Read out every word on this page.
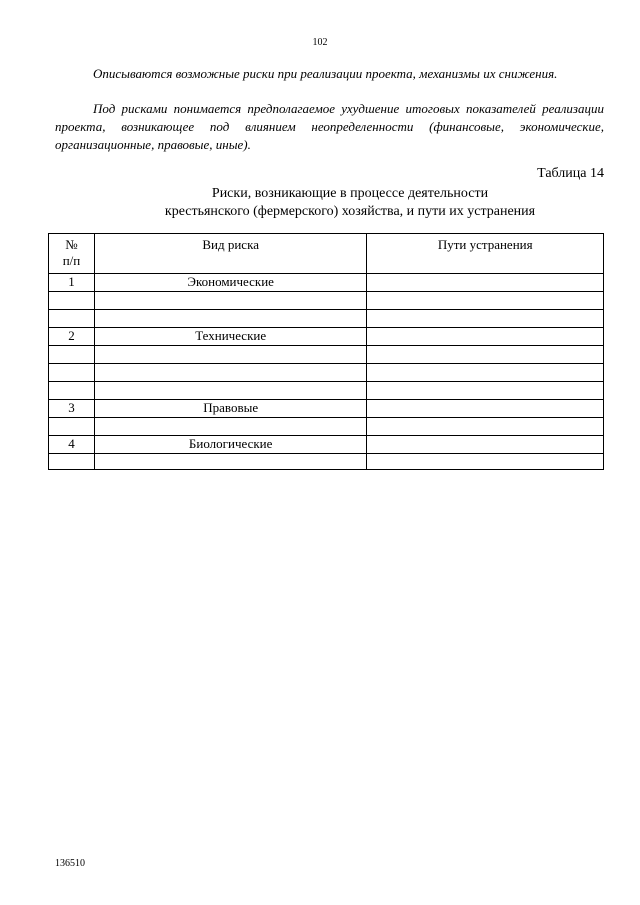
102

Описываются возможные риски при реализации проекта, механизмы их снижения.

Под рисками понимается предполагаемое ухудшение итоговых показателей реализации проекта, возникающее под влиянием неопределенности (финансовые, экономические, организационные, правовые, иные).

Таблица 14
Риски, возникающие в процессе деятельности
крестьянского (фермерского) хозяйства, и пути их устранения
№
п/п	Вид риска	Пути устранения
1	Экономические	

2	Технические	

3	Правовые	

4	Биологические	

136510
